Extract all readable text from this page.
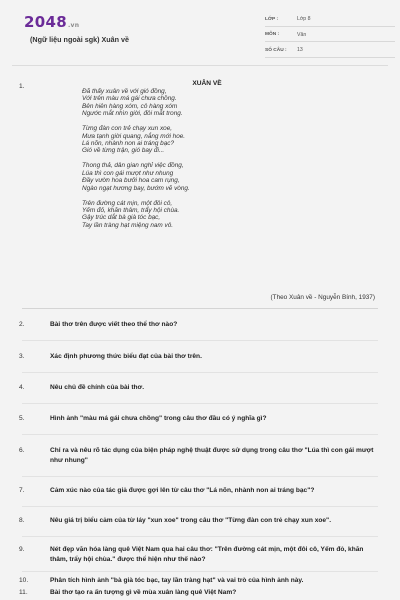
2048.vn
(Ngữ liệu ngoài sgk) Xuân về
LỚP :	Lớp 8
MÔN :	Văn
SỐ CÂU :	13
1.	XUÂN VỀ
Đã thấy xuân về với gió đồng,
Với trên màu má gái chưa chồng.
Bên hiên hàng xóm, cô hàng xóm
Ngước mắt nhìn giời, đôi mắt trong.
Từng đàn con trẻ chạy xun xoe,
Mưa tạnh giời quang, nắng mới hoe.
Lá nõn, nhành non ai tráng bạc?
Gió về từng trận, gió bay đi...
Thong thả, dân gian nghỉ việc đồng,
Lúa thì con gái mượt như nhung
Đầy vườn hoa bưởi hoa cam rụng,
Ngào ngạt hương bay, bướm vẽ vòng.
Trên đường cát mịn, một đôi cô,
Yếm đỏ, khăn thâm, trẩy hội chùa.
Gậy trúc dắt bà già tóc bạc,
Tay lần tràng hạt miệng nam vô.
(Theo Xuân về - Nguyễn Bính, 1937)
2.	Bài thơ trên được viết theo thể thơ nào?
3.	Xác định phương thức biểu đạt của bài thơ trên.
4.	Nêu chủ đề chính của bài thơ.
5.	Hình ảnh "màu má gái chưa chồng" trong câu thơ đầu có ý nghĩa gì?
6.	Chỉ ra và nêu rõ tác dụng của biện pháp nghệ thuật được sử dụng trong câu thơ "Lúa thì con gái mượt như nhung"
7.	Cảm xúc nào của tác giả được gợi lên từ câu thơ "Lá nõn, nhành non ai tráng bạc"?
8.	Nêu giá trị biểu cảm của từ láy "xun xoe" trong câu thơ "Từng đàn con trẻ chạy xun xoe".
9.	Nét đẹp văn hóa làng quê Việt Nam qua hai câu thơ: "Trên đường cát mịn, một đôi cô, Yếm đỏ, khăn thâm, trẩy hội chùa." được thể hiện như thế nào?
10.	Phân tích hình ảnh "bà già tóc bạc, tay lần tràng hạt" và vai trò của hình ảnh này.
11.	Bài thơ tạo ra ấn tượng gì về mùa xuân làng quê Việt Nam?
